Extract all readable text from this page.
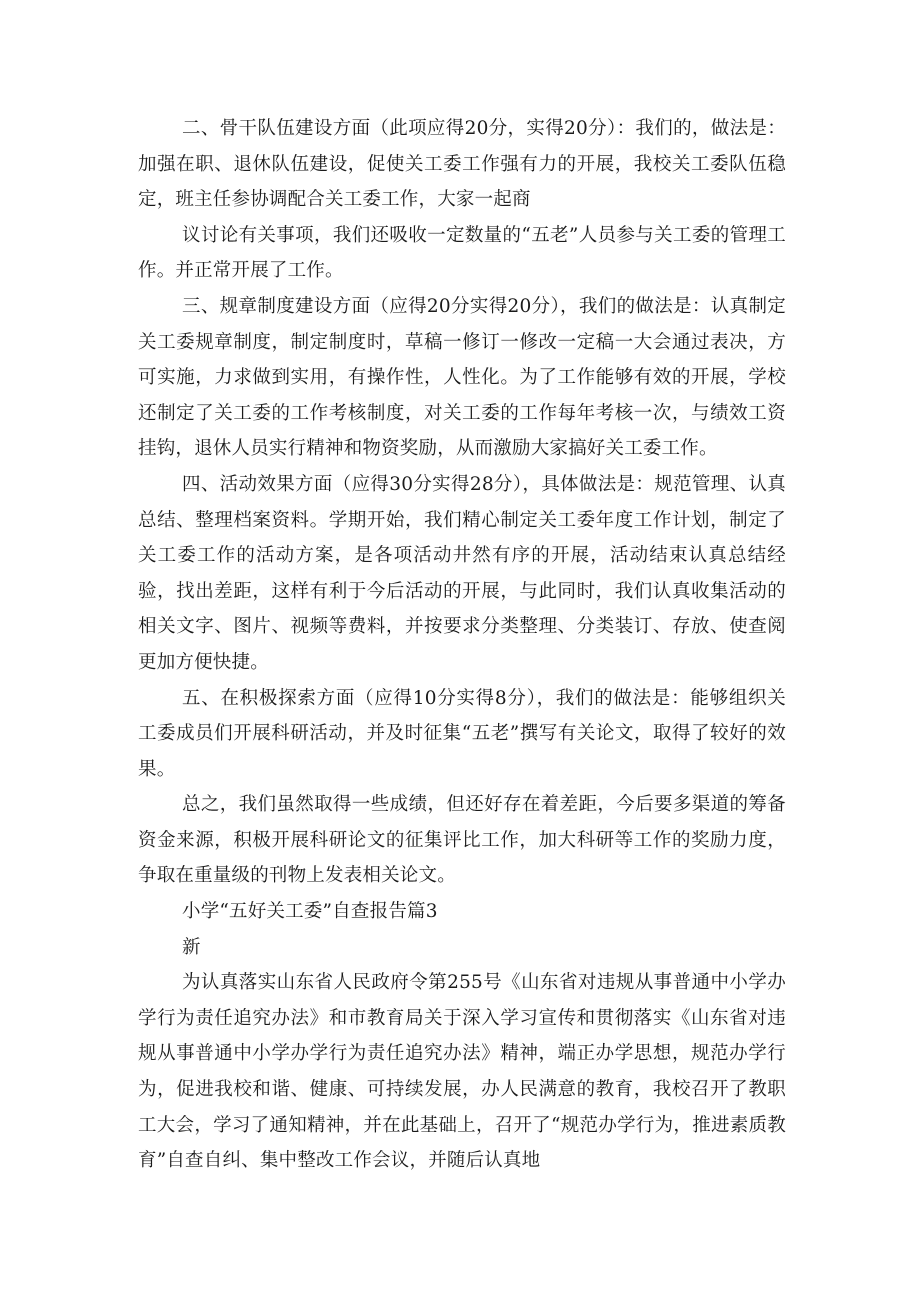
二、骨干队伍建设方面（此项应得20分，实得20分）：我们的，做法是：加强在职、退休队伍建设，促使关工委工作强有力的开展，我校关工委队伍稳定，班主任参协调配合关工委工作，大家一起商

议讨论有关事项，我们还吸收一定数量的“五老”人员参与关工委的管理工作。并正常开展了工作。

三、规章制度建设方面（应得20分实得20分），我们的做法是：认真制定关工委规章制度，制定制度时，草稿一修订一修改一定稿一大会通过表决，方可实施，力求做到实用，有操作性，人性化。为了工作能够有效的开展，学校还制定了关工委的工作考核制度，对关工委的工作每年考核一次，与绩效工资挂钩，退休人员实行精神和物资奖励，从而激励大家搞好关工委工作。

四、活动效果方面（应得30分实得28分），具体做法是：规范管理、认真总结、整理档案资料。学期开始，我们精心制定关工委年度工作计划，制定了关工委工作的活动方案，是各项活动井然有序的开展，活动结束认真总结经验，找出差距，这样有利于今后活动的开展，与此同时，我们认真收集活动的相关文字、图片、视频等费料，并按要求分类整理、分类装订、存放、使查阅更加方便快捷。

五、在积极探索方面（应得10分实得8分），我们的做法是：能够组织关工委成员们开展科研活动，并及时征集“五老”撰写有关论文，取得了较好的效果。

总之，我们虽然取得一些成绩，但还好存在着差距，今后要多渠道的筹备资金来源，积极开展科研论文的征集评比工作，加大科研等工作的奖励力度，争取在重量级的刊物上发表相关论文。

小学“五好关工委”自查报告篇3

新

为认真落实山东省人民政府令第255号《山东省对违规从事普通中小学办学行为责任追究办法》和市教育局关于深入学习宣传和贯彻落实《山东省对违规从事普通中小学办学行为责任追究办法》精神，端正办学思想，规范办学行为，促进我校和谐、健康、可持续发展，办人民满意的教育，我校召开了教职工大会，学习了通知精神，并在此基础上，召开了“规范办学行为，推进素质教育”自查自纠、集中整改工作会议，并随后认真地
